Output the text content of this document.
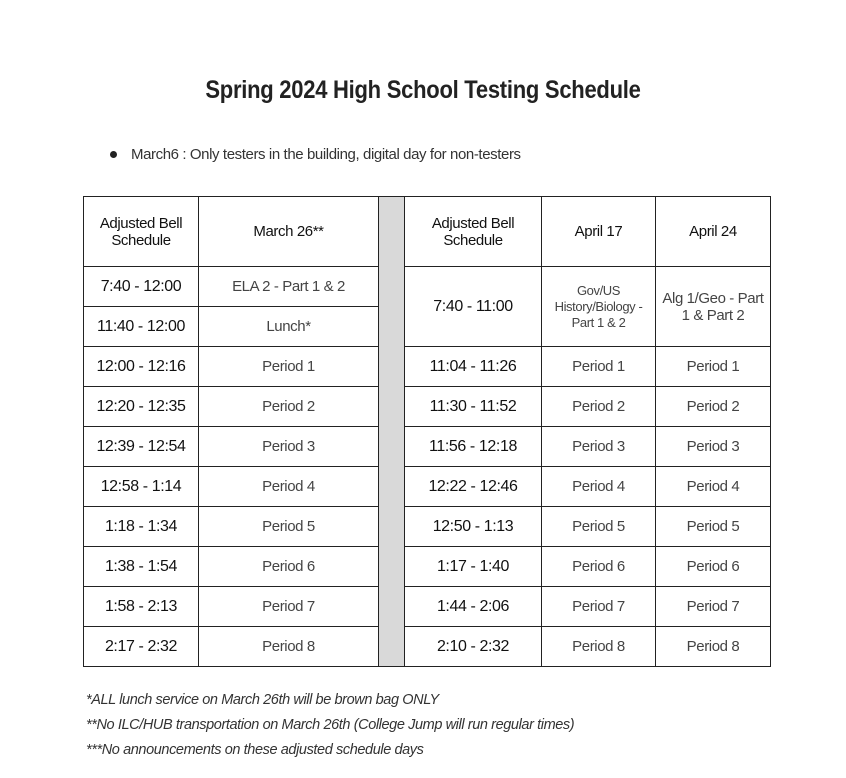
Spring 2024 High School Testing Schedule
March6 : Only testers in the building, digital day for non-testers
Adjusted Bell Schedule	March 26**		Adjusted Bell Schedule	April 17	April 24
7:40 - 12:00	ELA 2 - Part 1 & 2		7:40 - 11:00	Gov/US History/Biology - Part 1 & 2	Alg 1/Geo - Part 1 & Part 2
11:40 - 12:00	Lunch*				
12:00 - 12:16	Period 1		11:04 - 11:26	Period 1	Period 1
12:20 - 12:35	Period 2		11:30 - 11:52	Period 2	Period 2
12:39 - 12:54	Period 3		11:56 - 12:18	Period 3	Period 3
12:58 - 1:14	Period 4		12:22 - 12:46	Period 4	Period 4
1:18 - 1:34	Period 5		12:50 - 1:13	Period 5	Period 5
1:38 - 1:54	Period 6		1:17 - 1:40	Period 6	Period 6
1:58 - 2:13	Period 7		1:44 - 2:06	Period 7	Period 7
2:17 - 2:32	Period 8		2:10 - 2:32	Period 8	Period 8
*ALL lunch service on March 26th will be brown bag ONLY
**No ILC/HUB transportation on March 26th (College Jump will run regular times)
***No announcements on these adjusted schedule days
